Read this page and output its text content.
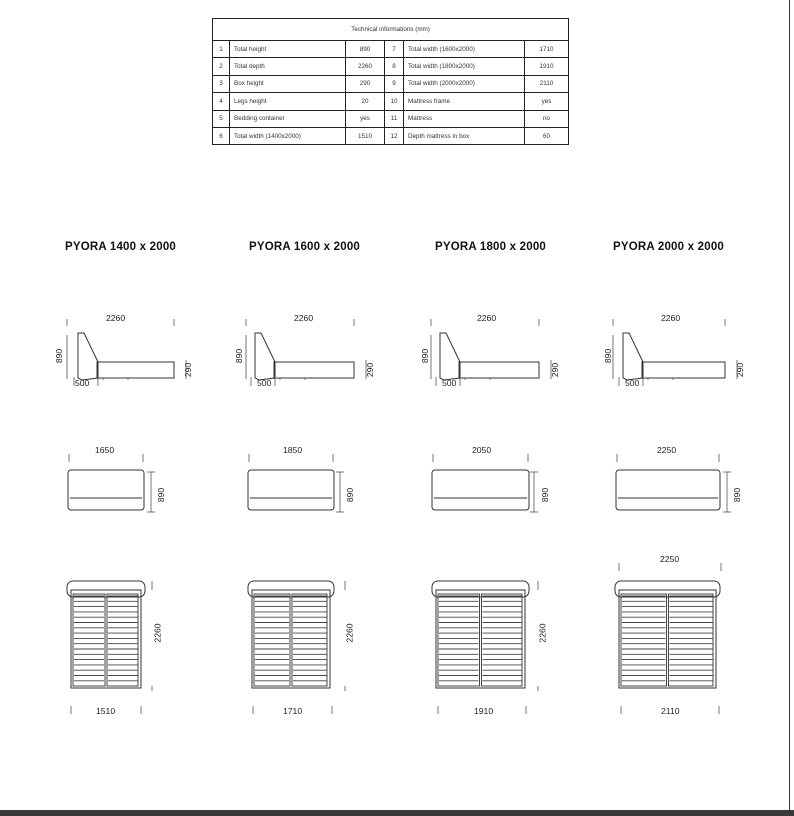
Technical informations (mm)					
1	Total height	890	7	Total width (1600x2000)	1710
2	Total depth	2260	8	Total width (1800x2000)	1910
3	Box height	290	9	Total width (2000x2000)	2110
4	Legs height	20	10	Mattress frame	yes
5	Bedding container	yes	11	Mattress	no
6	Total width (1400x2000)	1510	12	Depth mattress in box	60
PYORA 1400 x 2000	PYORA 1600 x 2000	PYORA 1800 x 2000	PYORA 2000 x 2000
2260
890
290
500
2260
890
290
500
2260
890
290
500
2260
890
290
500
1650
890
1850
890
2050
890
2250
890
2260
1510
2260
1710
2260
1910
2250
2110
